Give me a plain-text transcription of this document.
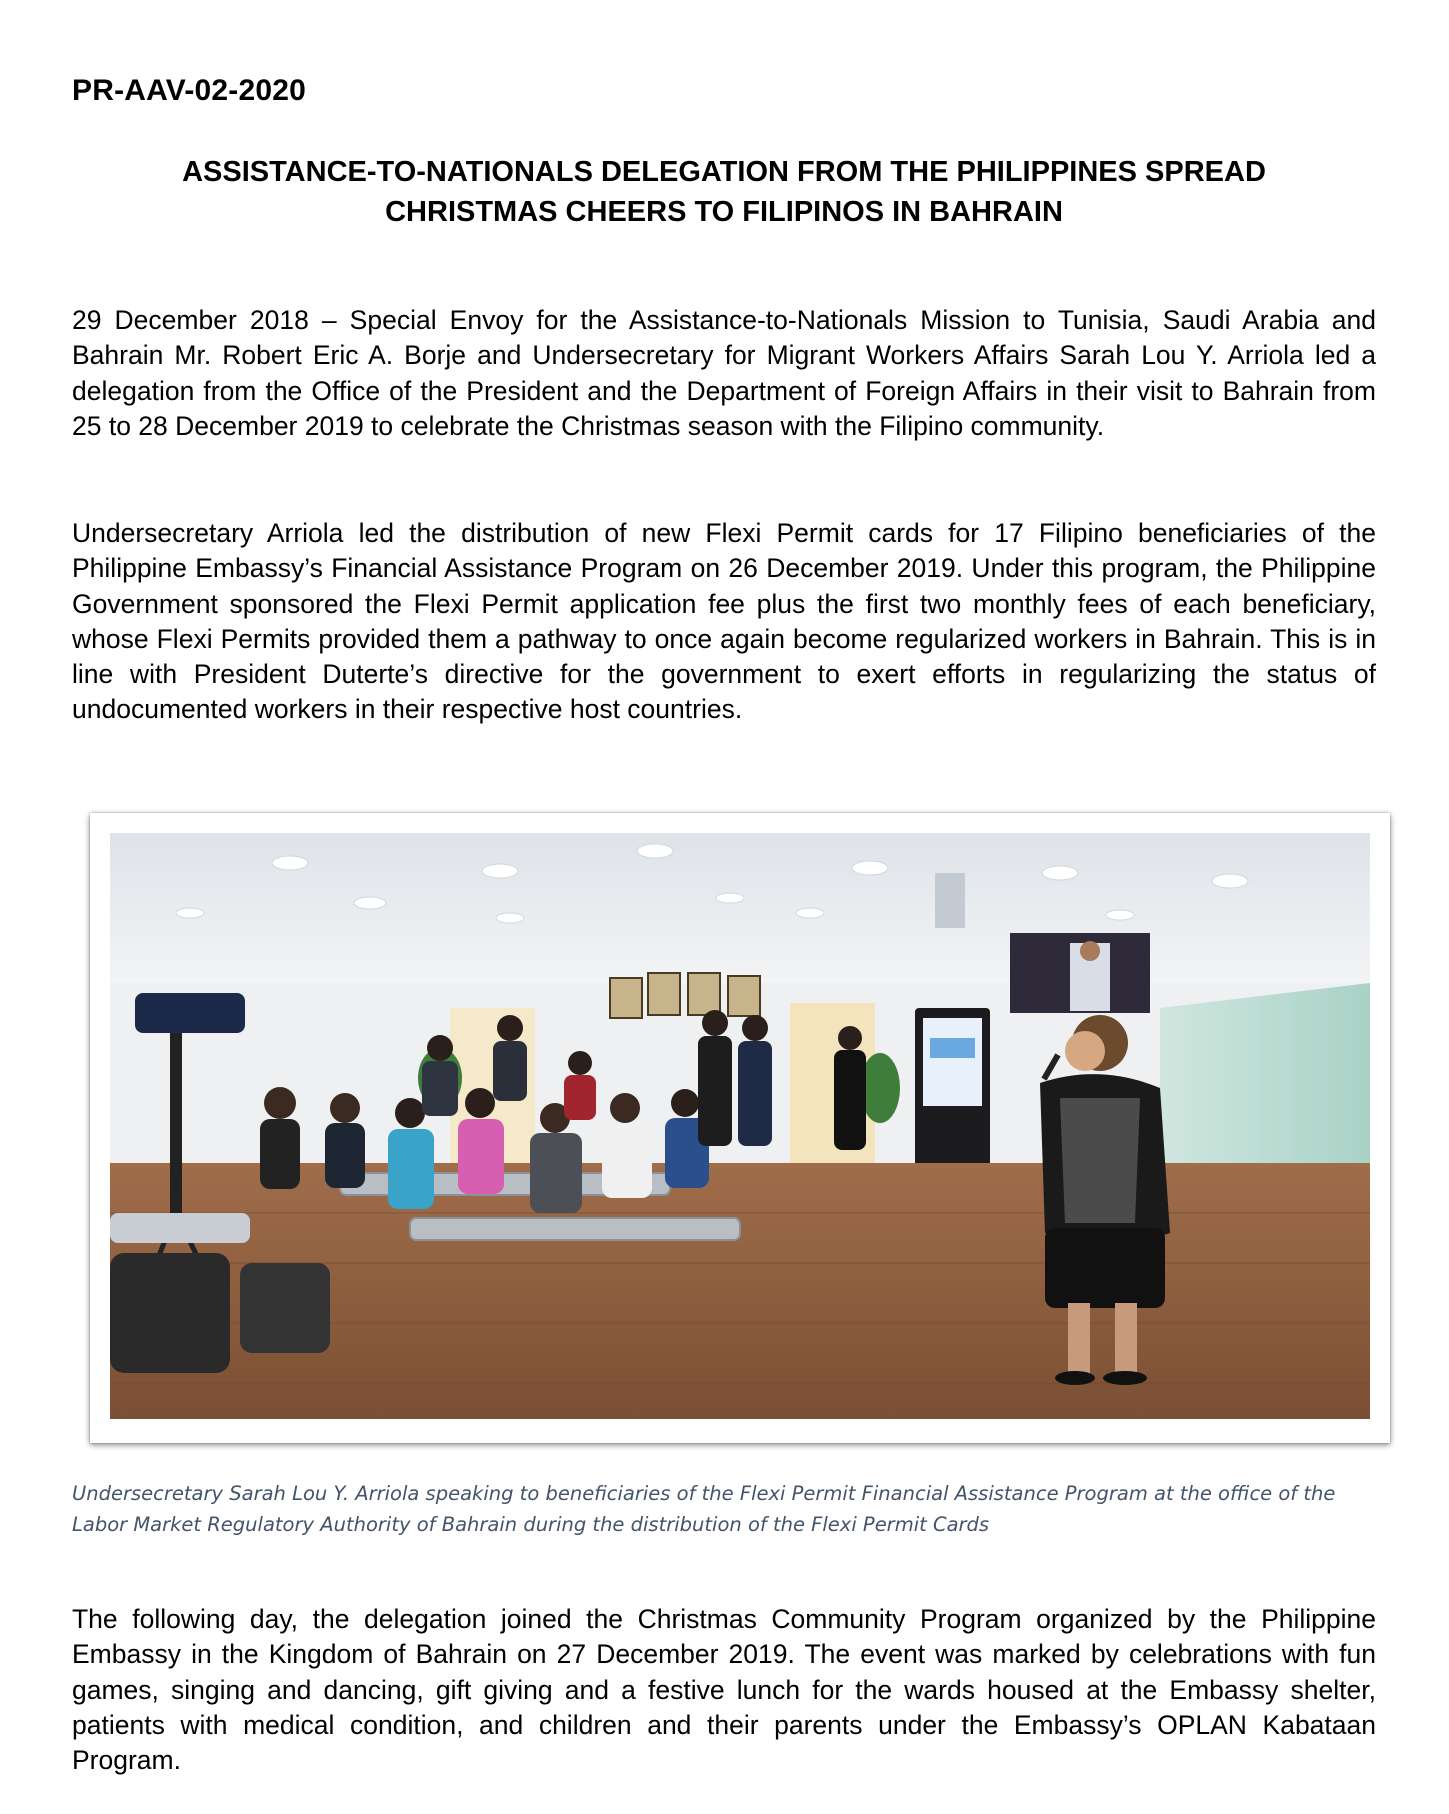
PR-AAV-02-2020
ASSISTANCE-TO-NATIONALS DELEGATION FROM THE PHILIPPINES SPREAD
CHRISTMAS CHEERS TO FILIPINOS IN BAHRAIN

29 December 2018 – Special Envoy for the Assistance-to-Nationals Mission to Tunisia, Saudi Arabia and Bahrain Mr. Robert Eric A. Borje and Undersecretary for Migrant Workers Affairs Sarah Lou Y. Arriola led a delegation from the Office of the President and the Department of Foreign Affairs in their visit to Bahrain from 25 to 28 December 2019 to celebrate the Christmas season with the Filipino community.

Undersecretary Arriola led the distribution of new Flexi Permit cards for 17 Filipino beneficiaries of the Philippine Embassy’s Financial Assistance Program on 26 December 2019. Under this program, the Philippine Government sponsored the Flexi Permit application fee plus the first two monthly fees of each beneficiary, whose Flexi Permits provided them a pathway to once again become regularized workers in Bahrain. This is in line with President Duterte’s directive for the government to exert efforts in regularizing the status of undocumented workers in their respective host countries.

Undersecretary Sarah Lou Y. Arriola speaking to beneficiaries of the Flexi Permit Financial Assistance Program at the office of the Labor Market Regulatory Authority of Bahrain during the distribution of the Flexi Permit Cards

The following day, the delegation joined the Christmas Community Program organized by the Philippine Embassy in the Kingdom of Bahrain on 27 December 2019. The event was marked by celebrations with fun games, singing and dancing, gift giving and a festive lunch for the wards housed at the Embassy shelter, patients with medical condition, and children and their parents under the Embassy’s OPLAN Kabataan Program.
